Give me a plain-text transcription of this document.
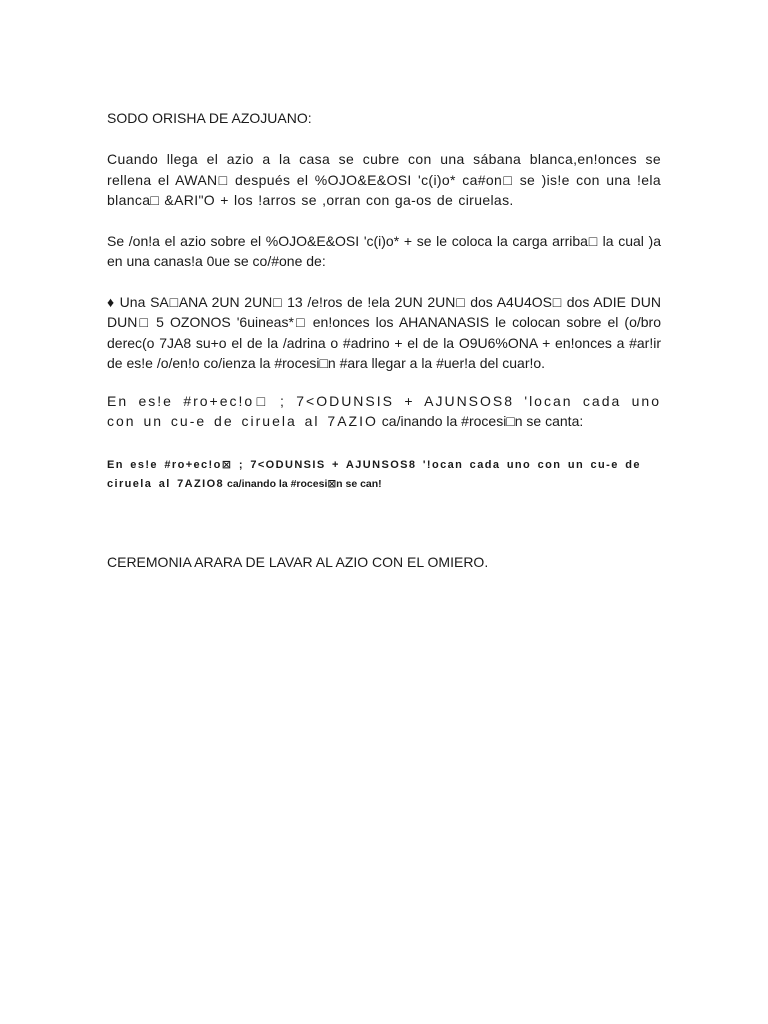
SODO ORISHA DE AZOJUANO:

Cuando llega el azio a la casa se cubre con una sábana blanca,en!onces se rellena el AWAN□ después el %OJO&E&OSI 'c(i)o* ca#on□ se )is!e con una !ela blanca□ &ARI"O + los !arros se ,orran con ga-os de ciruelas.

Se /on!a el azio sobre el %OJO&E&OSI 'c(i)o* + se le coloca la carga arriba□ la cual )a en una canas!a 0ue se co/#one de:

♦ Una SA□ANA 2UN 2UN□ 13 /e!ros de !ela 2UN 2UN□ dos A4U4OS□ dos ADIE DUN DUN□ 5 OZONOS '6uineas*□ en!onces los AHANANASIS le colocan sobre el (o/bro derec(o 7JA8 su+o el de la /adrina o #adrino + el de la O9U6%ONA + en!onces a #ar!ir de es!e /o/en!o co/ienza la #rocesi□n #ara llegar a la #uer!a del cuar!o.

En es!e #ro+ec!o□ ; 7<ODUNSIS + AJUNSOS8 'locan cada uno con un cu-e de ciruela al 7AZIO ca/inando la #rocesi□n se canta:

En es!e #ro+ec!o⊠ ; 7<ODUNSIS + AJUNSOS8 '!ocan cada uno con un cu-e de ciruela al 7AZIO8 ca/inando la #rocesi⊠n se can!

CEREMONIA ARARA DE LAVAR AL AZIO CON EL OMIERO.
